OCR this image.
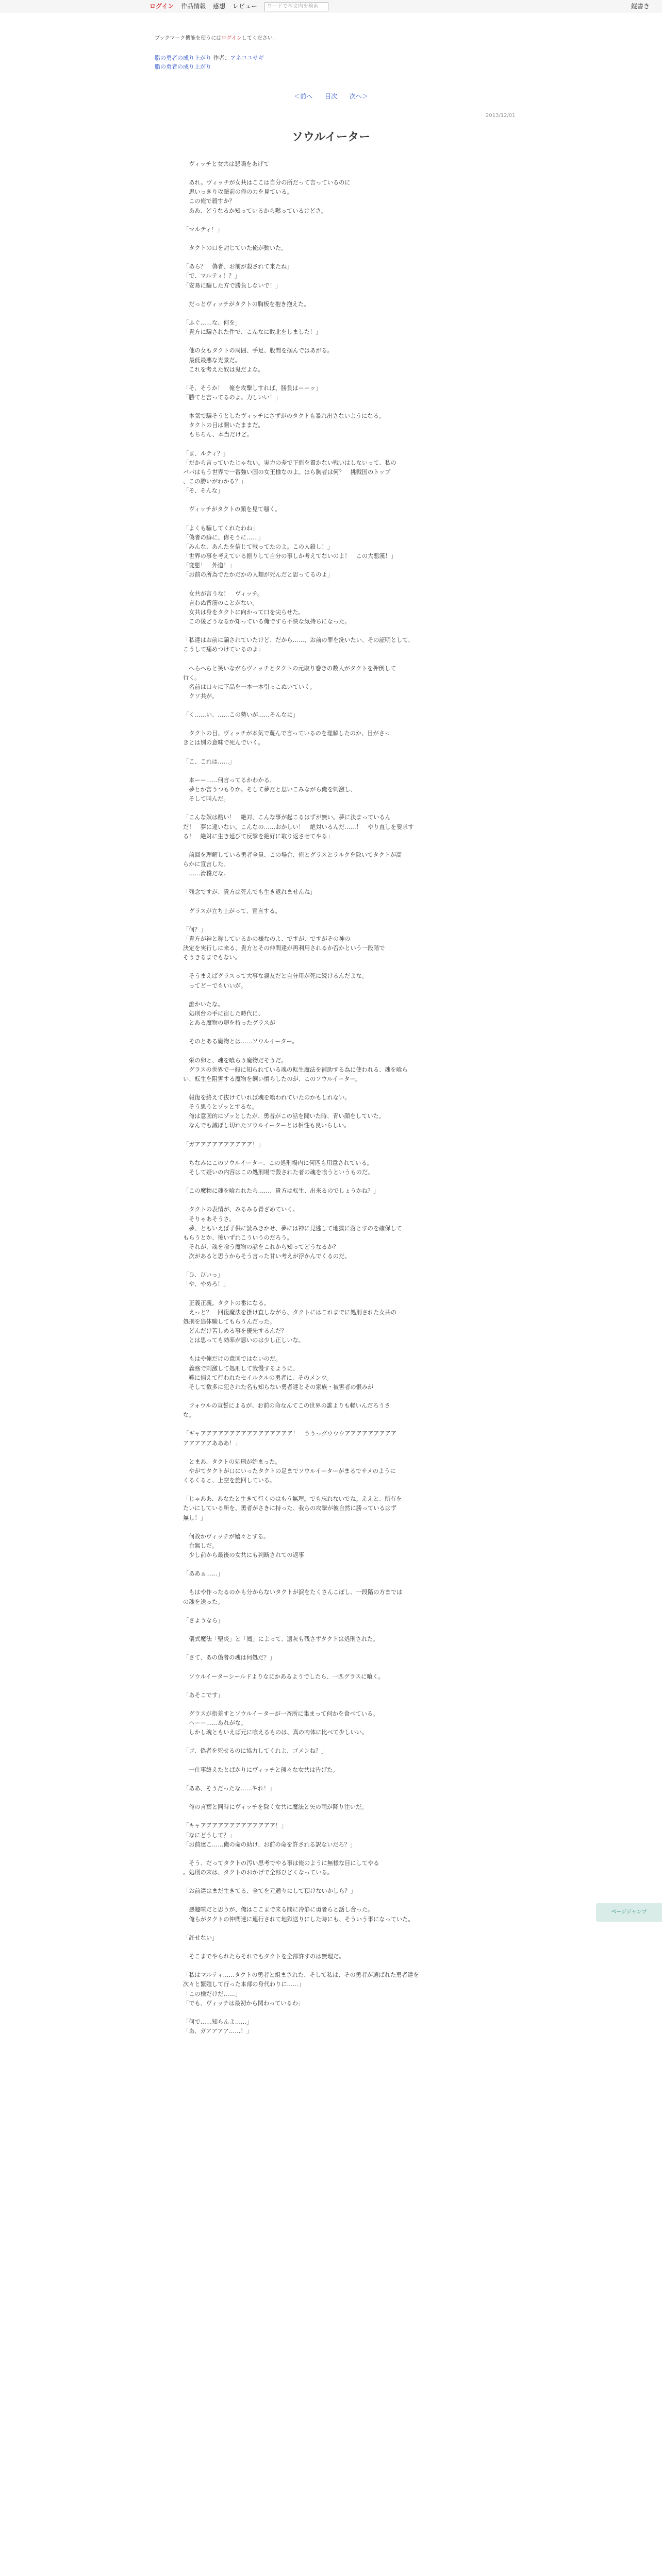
ログイン 作品情報 感想 レビュー ワードで本文内を検索	縦書き
ブックマーク機能を使うにはログインしてください。
脂の勇者の成り上がり 作者：アネコユサギ
脂の勇者の成り上がり
＜前へ 目次 次へ＞
2013/12/01
ソウルイーター

　ヴィッチと女共は悲鳴をあげて

　あれ。ヴィッチが女共はここは自分の所だって言っているのに

　思いっきり攻撃前の俺の力を見ている。

　この俺で殺すか？

　ああ、どうなるか知っているから黙っているけどさ。

「マルティ！」

　タクトの口を封じていた俺が動いた。

「あら？　偽者、お前が殺されて来たね」

「で、マルティ！？」

「安易に騙した方で勝負しないで！」

　だっとヴィッチがタクトの胸板を抱き抱えた。

「ふぐ……な、何を」

「貴方に騙された件で、こんなに敗北をしました！」

　他の女もタクトの周囲、手足、股間を掴んではあがる。

　最低最悪な光景だ。

　これを考えた奴は鬼だよな。

「そ、そうか！　俺を攻撃しすれば、勝負はーーッ」

「勝てと言ってるのよ。力しいい！」

　本気で騙そうとしたヴィッチにさずがのタクトも暴れ出さないようになる。

　タクトの目は開いたままだ。

　もちろん、本当だけど。

「ま、ルティ？」

「だから言っていたじゃない。実力の差で下剋を置かない戦いはしないって、私の

パパはもう世界で一番強い国の女王様なのよ。ほら胸者は何？　挑戦国のトップ

、この勝いがわかる？」

「そ、そんな」

　ヴィッチがタクトの顔を見て嗤く。

「よくも騙してくれたわね」

「偽者の癖に、偉そうに……」

「みんな、あんたを信じて戦ってたのよ。この人殺し！」

「世界の事を考えている振りして自分の事しか考えてないのよ！　この大悪漢！」

「変態！　外道！」

「お前の所為でたかだかの人類が死んだと思ってるのよ」

　女共が言うな！　ヴィッチ。

　言わぬ背筋のことがない。

　女共は身をタクトに向かって口を尖らせた。

　この後どうなるか知っている俺ですら不快な気持ちになった。

「私達はお前に騙されていたけど、だから……、お前の罪を洗いたい、その証明として、

こうして痛めつけているのよ」

　へらへらと笑いながらヴィッチとタクトの元取り巻きの数人がタクトを押倒して

行く。

　名前は口々に下品を一本一本引っこぬいていく。

　クソ共が。

「く……い、……この勢いが……そんなに」

　タクトの目、ヴィッチが本気で蔑んで言っているのを理解したのか、目がさっ

きとは別の意味で死んでいく。

「こ、これは……」

　本ーー……何言ってるかわかる、

　夢とか言うつもりか。そして夢だと思いこみながら俺を刺激し、

　そして叫んだ。

「こんな奴は酷い！　絶対、こんな事が起こるはずが無い。夢に決まっているん

だ！　夢に違いない。こんなの……おかしい！　絶対いるんだ……！　やり直しを要求す

る！　絶対に生き延びて反撃を絶好に取り返させてやる」

　前回を理解している勇者全員、この場合、俺とグラスとラルクを除いてタクトが高

らかに宣言した。

　……滑稽だな。

「残念ですが、貴方は死んでも生き返れませんね」

　グラスが立ち上がって、宣言する。

「何？」

「貴方が神と称しているかの様なのよ、ですが、ですがその神の

決定を実行しに来る、貴方とその仲間達が再利用されるか否かという一段階で

そうきるまでもない。

　そうまえばグラスって大事な親友だと自分用が死に続けるんだよな。

　ってどーでもいいが。

　誰かいたな。

　処刑台の手に宿した時代に、

　とある魔物の卵を持ったグラスが

　そのとある魔物とは……ソウルイーター。

　栄の卵と、魂を喰らう魔物だそうだ。

　グラスの世界で一般に知られている魂の転生魔法を補助する為に使われる、魂を喰ら

い、転生を阻害する魔物を飼い慣らしたのが、このソウルイーター。

　報復を終えて抜けていれば魂を喰われていたのかもしれない。

　そう思うとゾッとするな。

　俺は意図的にゾッとしたが、勇者がこの話を聞いた時、青い顔をしていた。

　なんでも滅ぼし切れたソウルイーターとは相性も良いらしい。

「ガアアアアアアアアアア！」

　ちなみにこのソウルイーター、この処刑場内に何匹も用意されている。

　そして疑いの内容はこの処刑場で殺された者の魂を喰うというものだ。

「この魔物に魂を喰われたら……、貴方は転生、出来るのでしょうかね？」

　タクトの表情が、みるみる青ざめていく。

　そりゃあそうさ。

　夢、ともいえば子供に読みきかせ、夢には神に見逃して地獄に落とすのを確保して

もらうとか、後いずれこういうのだろう。

　それが、魂を喰う魔物の話をこれから知ってどうなるか？

　次があると思うからそう言った甘い考えが浮かんでくるのだ。

「ひ、ひいっ」

「や、やめろ！」

　正義正義。タクトの番になる。

　えっと？　回復魔法を掛け直しながら、タクトにはこれまでに処刑された女共の

処刑を追体験してもらうんだった。

　どんだけ苦しめる事を優先するんだ？

　とは思っても効率が悪いのは少し正しいな。

　もはや俺だけの意図ではないのだ。

　義務で刺激して処刑して我慢するように、

　難に捕えて行われたセイルクルの勇者に、そのメンツ。

　そして数多に犯された名も知らない勇者達とその家族・被害者の恨みが

　フォウルの宣誓によるが、お前の命なんてこの世界の誰よりも軽いんだろうさ

な。

「ギャアアアアアアアアアアアアアアアア！　ううっグウウウアアアアアアアアア

アアアアアあああ！」

　とまあ、タクトの処刑が始まった。

　やがてタクトが口にいったタクトの足までソウルイーターがまるでサメのように

くるくると、上空を旋回している。

「じゃああ、あなたと生きて行くのはもう無理。でも忘れないでね。ええと、所有を

たいにしている所を、勇者がさきに持った、我らの攻撃が彼自然に勝っているはず

無し！」

　何故かヴィッチが嬉々とする。

　台無しだ。

　少し前から最後の女共にも判断されての返事

「ああぁ……」

　もはや作ったるのかも分からないタクトが涙をたくさんこぼし、一段階の方までは

の魂を送った。

「さようなら」

　儀式魔法「聖炎」と「鳳」によって、遺灰も残さずタクトは処刑された。

「さて、あの偽者の魂は何処だ？」

　ソウルイーターシールドよりなにかあるようでしたら、一匹グラスに喰く。

「あそこです」

　グラスが指差すとソウルイーターが一斉所に集まって何かを食べている。

　へーー……あれがな。

　しかし魂ともいえば元に喰えるものは、真の肉体に比べて少しいい。

「ゴ、偽者を死せるのに協力してくれよ、ゴメンね？」

　一仕事終えたとばかりにヴィッチと熊々な女共は告げた。

「ああ、そうだったな……やれ！」

　俺の言葉と同時にヴィッチを除く女共に魔法と矢の雨が降り注いだ。

「キャアアアアアアアアアアアアア！」

「なにどうして？」

「お前達こ……俺の命の助け、お前の命を許される訳ないだろ？」

　そう、だってタクトの汚い思考でやる事は俺のように無様な目にしてやる

。処刑の末は、タクトのおかげで全部ひどくなっている。

「お前達はまだ生きてる、全てを元通りにして頂けないかしら？」

　悪趣味だと思うが、俺はここまで来る間に冷静に勇者らと話し合った。

　俺らがタクトの仲間達に連行されて地獄送りにした時にも、そういう事になっていた。

「許せない」

　そこまでやられたらそれでもタクトを全部許すのは無理だ。

「私はマルティ……タクトの勇者と組まされた、そして私は、その勇者が選ばれた勇者達を

次々と繁殖して行った本部の身代わりに……」

「この様だけだ……」

「でも、ヴィッチは最初から関わっているわ」

「何で……知らんよ……」

「あ、ガアアアア……！」

ページジャンプ
